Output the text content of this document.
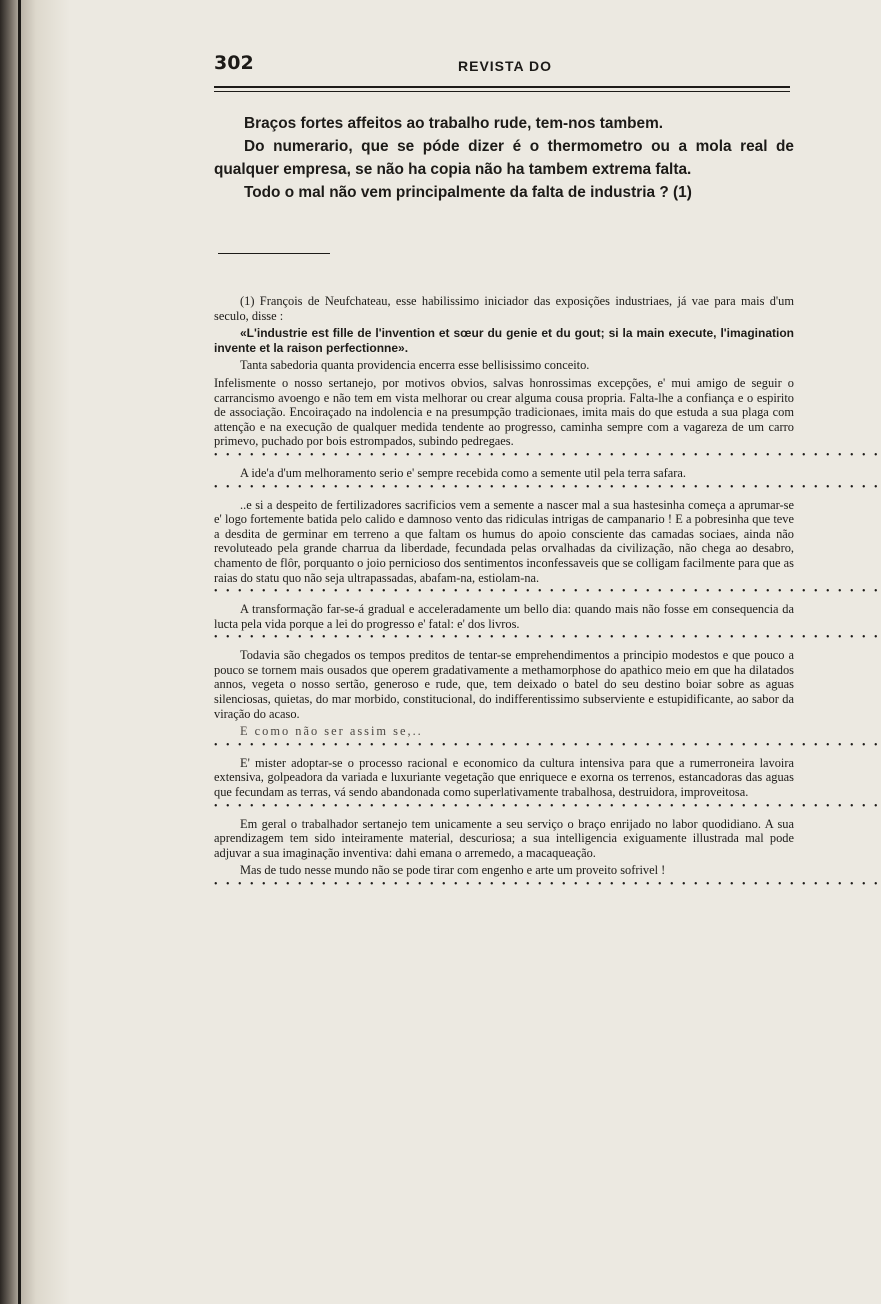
302	REVISTA DO

Braços fortes affeitos ao trabalho rude, tem-nos tambem.

Do numerario, que se póde dizer é o thermometro ou a mola real de qualquer empresa, se não ha copia não ha tambem extrema falta.

Todo o mal não vem principalmente da falta de industria ? (1)

(1) François de Neufchateau, esse habilissimo iniciador das exposições industriaes, já vae para mais d'um seculo, disse :

«L'industrie est fille de l'invention et sœur du genie et du gout; si la main execute, l'imagination invente et la raison perfectionne».

Tanta sabedoria quanta providencia encerra esse bellisissimo conceito.

Infelismente o nosso sertanejo, por motivos obvios, salvas honrossimas excepções, e' mui amigo de seguir o carrancismo avoengo e não tem em vista melhorar ou crear alguma cousa propria. Falta-lhe a confiança e o espirito de associação. Encoiraçado na indolencia e na presumpção tradicionaes, imita mais do que estuda a sua plaga com attenção e na execução de qualquer medida tendente ao progresso, caminha sempre com a vagareza de um carro primevo, puchado por bois estrompados, subindo pedregaes.

• • • • • • • • • • • • • • • • • • • • • • • • • • • • • • • • • • • • • • • • • • • • • • • • • • • • • • • •

A ide'a d'um melhoramento serio e' sempre recebida como a semente util pela terra safara.

• • • • • • • • • • • • • • • • • • • • • • • • • • • • • • • • • • • • • • • • • • • • • • • • • • • • • • • •

..e si a despeito de fertilizadores sacrificios vem a semente a nascer mal a sua hastesinha começa a aprumar-se e' logo fortemente batida pelo calido e damnoso vento das ridiculas intrigas de campanario ! E a pobresinha que teve a desdita de germinar em terreno a que faltam os humus do apoio consciente das camadas sociaes, ainda não revoluteado pela grande charrua da liberdade, fecundada pelas orvalhadas da civilização, não chega ao desabro, chamento de flôr, porquanto o joio pernicioso dos sentimentos inconfessaveis que se colligam facilmente para que as raias do statu quo não seja ultrapassadas, abafam-na, estiolam-na.

• • • • • • • • • • • • • • • • • • • • • • • • • • • • • • • • • • • • • • • • • • • • • • • • • • • • • • • •

A transformação far-se-á gradual e acceleradamente um bello dia: quando mais não fosse em consequencia da lucta pela vida porque a lei do progresso e' fatal: e' dos livros.

• • • • • • • • • • • • • • • • • • • • • • • • • • • • • • • • • • • • • • • • • • • • • • • • • • • • • • • •

Todavia são chegados os tempos preditos de tentar-se emprehendimentos a principio modestos e que pouco a pouco se tornem mais ousados que operem gradativamente a methamorphose do apathico meio em que ha dilatados annos, vegeta o nosso sertão, generoso e rude, que, tem deixado o batel do seu destino boiar sobre as aguas silenciosas, quietas, do mar morbido, constitucional, do indifferentissimo subserviente e estupidificante, ao sabor da viração do acaso.

E como não ser assim se,..

• • • • • • • • • • • • • • • • • • • • • • • • • • • • • • • • • • • • • • • • • • • • • • • • • • • • • • • •

E' mister adoptar-se o processo racional e economico da cultura intensiva para que a rumerroneira lavoira extensiva, golpeadora da variada e luxuriante vegetação que enriquece e exorna os terrenos, estancadoras das aguas que fecundam as terras, vá sendo abandonada como superlativamente trabalhosa, destruidora, improveitosa.

• • • • • • • • • • • • • • • • • • • • • • • • • • • • • • • • • • • • • • • • • • • • • • • • • • • • • • • •

Em geral o trabalhador sertanejo tem unicamente a seu serviço o braço enrijado no labor quodidiano. A sua aprendizagem tem sido inteiramente material, descuriosa; a sua intelligencia exiguamente illustrada mal pode adjuvar a sua imaginação inventiva: dahi emana o arremedo, a macaqueação.

Mas de tudo nesse mundo não se pode tirar com engenho e arte um proveito sofrivel !

• • • • • • • • • • • • • • • • • • • • • • • • • • • • • • • • • • • • • • • • • • • • • • • • • • • • • • • •
